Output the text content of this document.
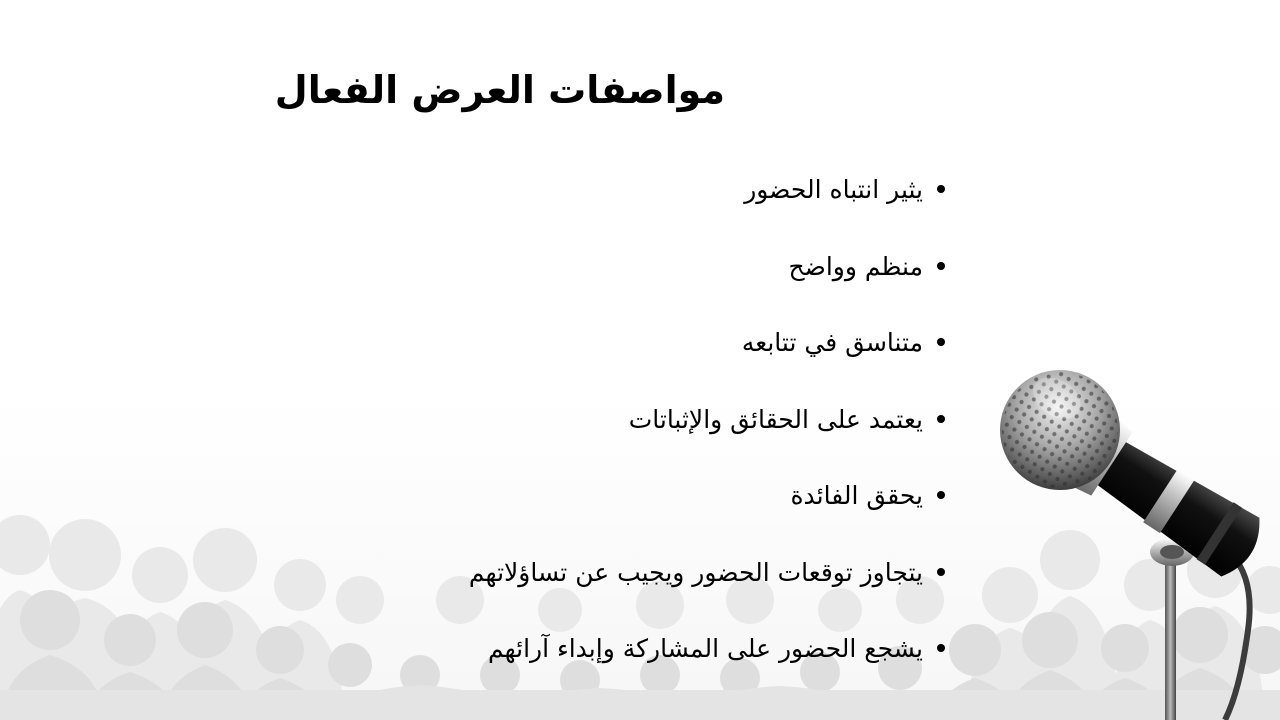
مواصفات العرض الفعال
يثير انتباه الحضور
منظم وواضح
متناسق في تتابعه
يعتمد على الحقائق والإثباتات
يحقق الفائدة
يتجاوز توقعات الحضور ويجيب عن تساؤلاتهم
يشجع الحضور على المشاركة وإبداء آرائهم
